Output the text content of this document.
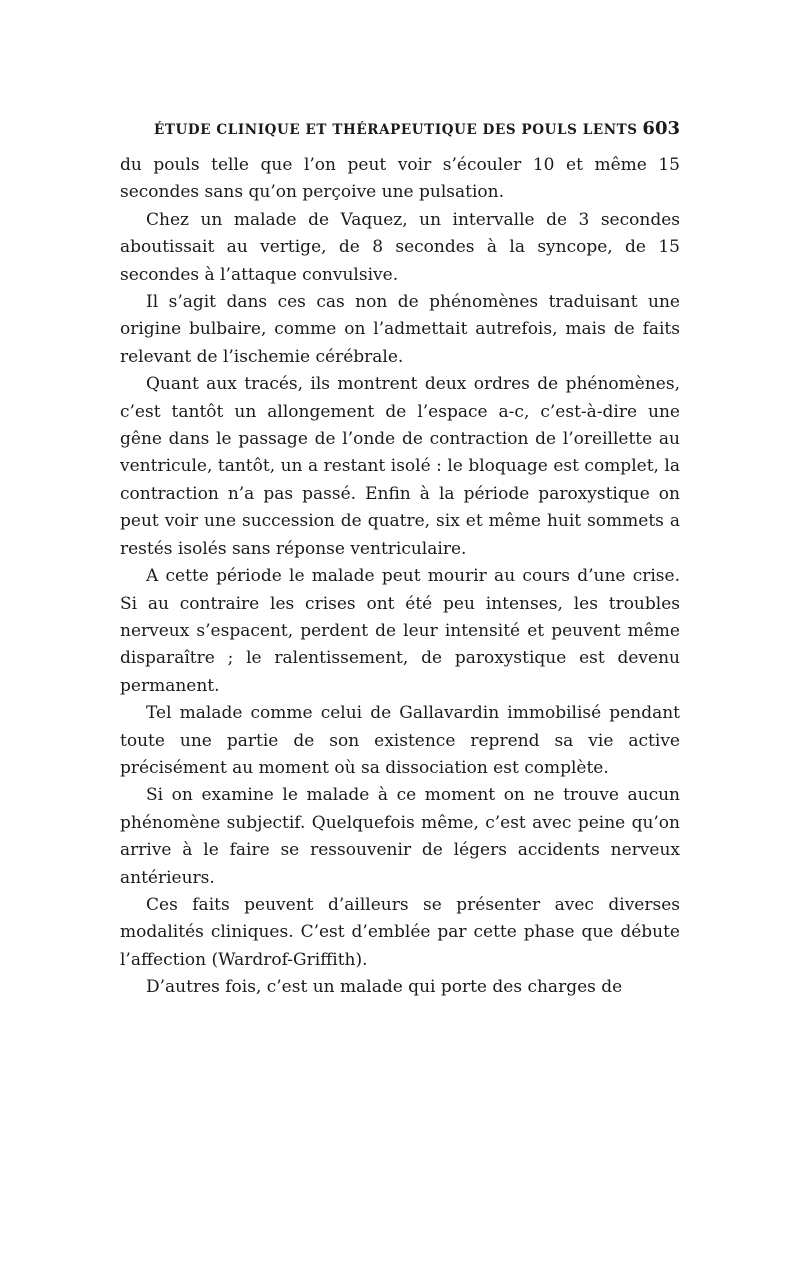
ÉTUDE CLINIQUE ET THÉRAPEUTIQUE DES POULS LENTS 603

du pouls telle que l’on peut voir s’écouler 10 et même 15 secondes sans qu’on perçoive une pulsation.

Chez un malade de Vaquez, un intervalle de 3 secondes aboutissait au vertige, de 8 secondes à la syncope, de 15 secondes à l’attaque convulsive.

Il s’agit dans ces cas non de phénomènes traduisant une origine bulbaire, comme on l’admettait autrefois, mais de faits relevant de l’ischemie cérébrale.

Quant aux tracés, ils montrent deux ordres de phénomènes, c’est tantôt un allongement de l’espace a-c, c’est-à-dire une gêne dans le passage de l’onde de contraction de l’oreillette au ventricule, tantôt, un a restant isolé : le bloquage est complet, la contraction n’a pas passé. Enfin à la période paroxystique on peut voir une succession de quatre, six et même huit sommets a restés isolés sans réponse ventriculaire.

A cette période le malade peut mourir au cours d’une crise. Si au contraire les crises ont été peu intenses, les troubles nerveux s’espacent, perdent de leur intensité et peuvent même disparaître ; le ralentissement, de paroxystique est devenu permanent.

Tel malade comme celui de Gallavardin immobilisé pendant toute une partie de son existence reprend sa vie active précisément au moment où sa dissociation est complète.

Si on examine le malade à ce moment on ne trouve aucun phénomène subjectif. Quelquefois même, c’est avec peine qu’on arrive à le faire se ressouvenir de légers accidents nerveux antérieurs.

Ces faits peuvent d’ailleurs se présenter avec diverses modalités cliniques. C’est d’emblée par cette phase que débute l’affection (Wardrof-Griffith).

D’autres fois, c’est un malade qui porte des charges de
